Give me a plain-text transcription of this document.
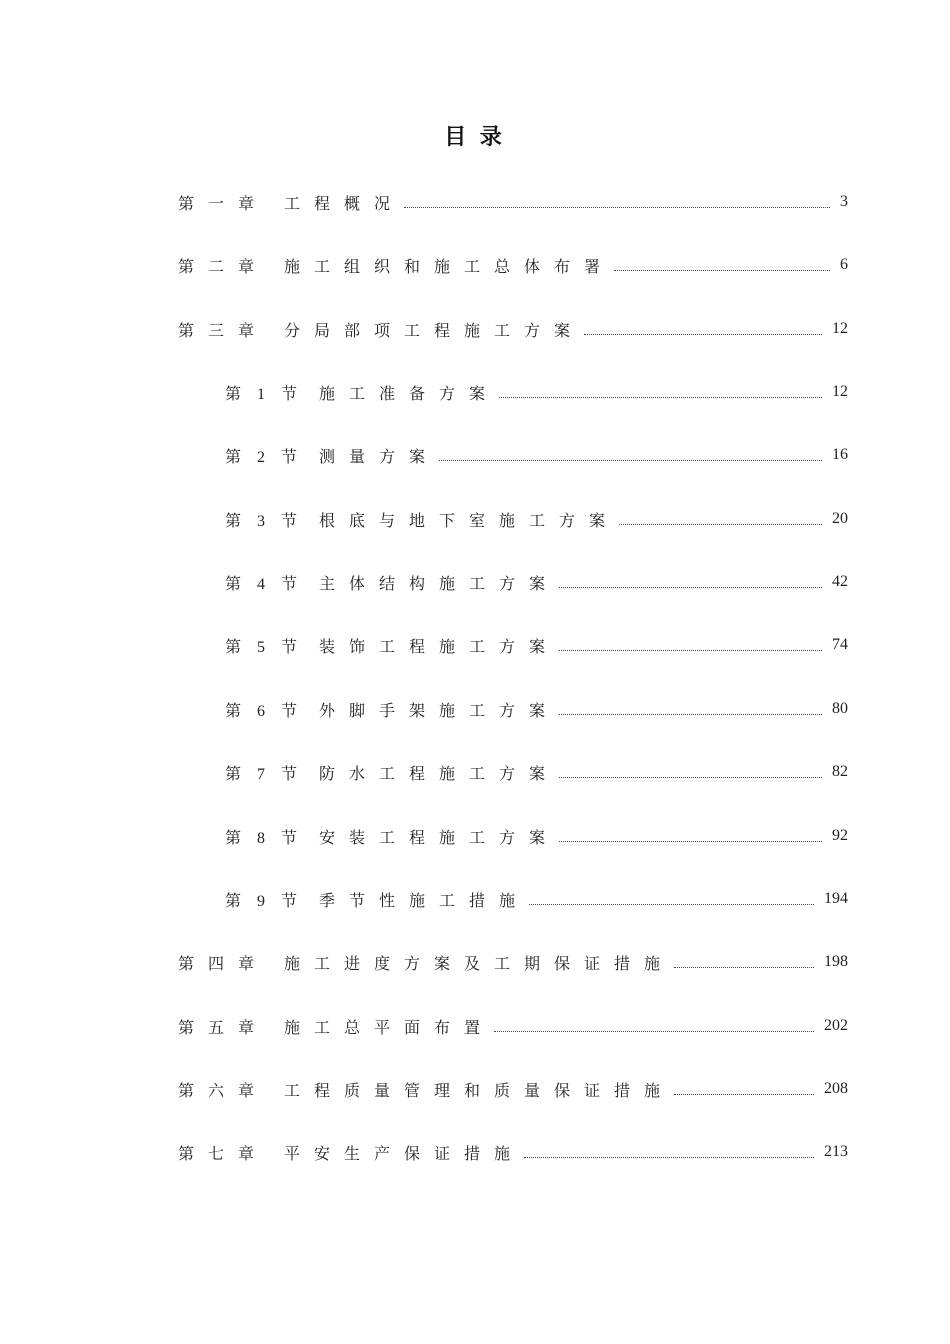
目 录
第一章 工程概况	3
第二章 施工组织和施工总体布署	6
第三章 分局部项工程施工方案	12
第 1 节 施工准备方案	12
第 2 节 测量方案	16
第 3 节 根底与地下室施工方案	20
第 4 节 主体结构施工方案	42
第 5 节 装饰工程施工方案	74
第 6 节 外脚手架施工方案	80
第 7 节 防水工程施工方案	82
第 8 节 安装工程施工方案	92
第 9 节 季节性施工措施	194
第四章 施工进度方案及工期保证措施	198
第五章 施工总平面布置	202
第六章 工程质量管理和质量保证措施	208
第七章 平安生产保证措施	213
